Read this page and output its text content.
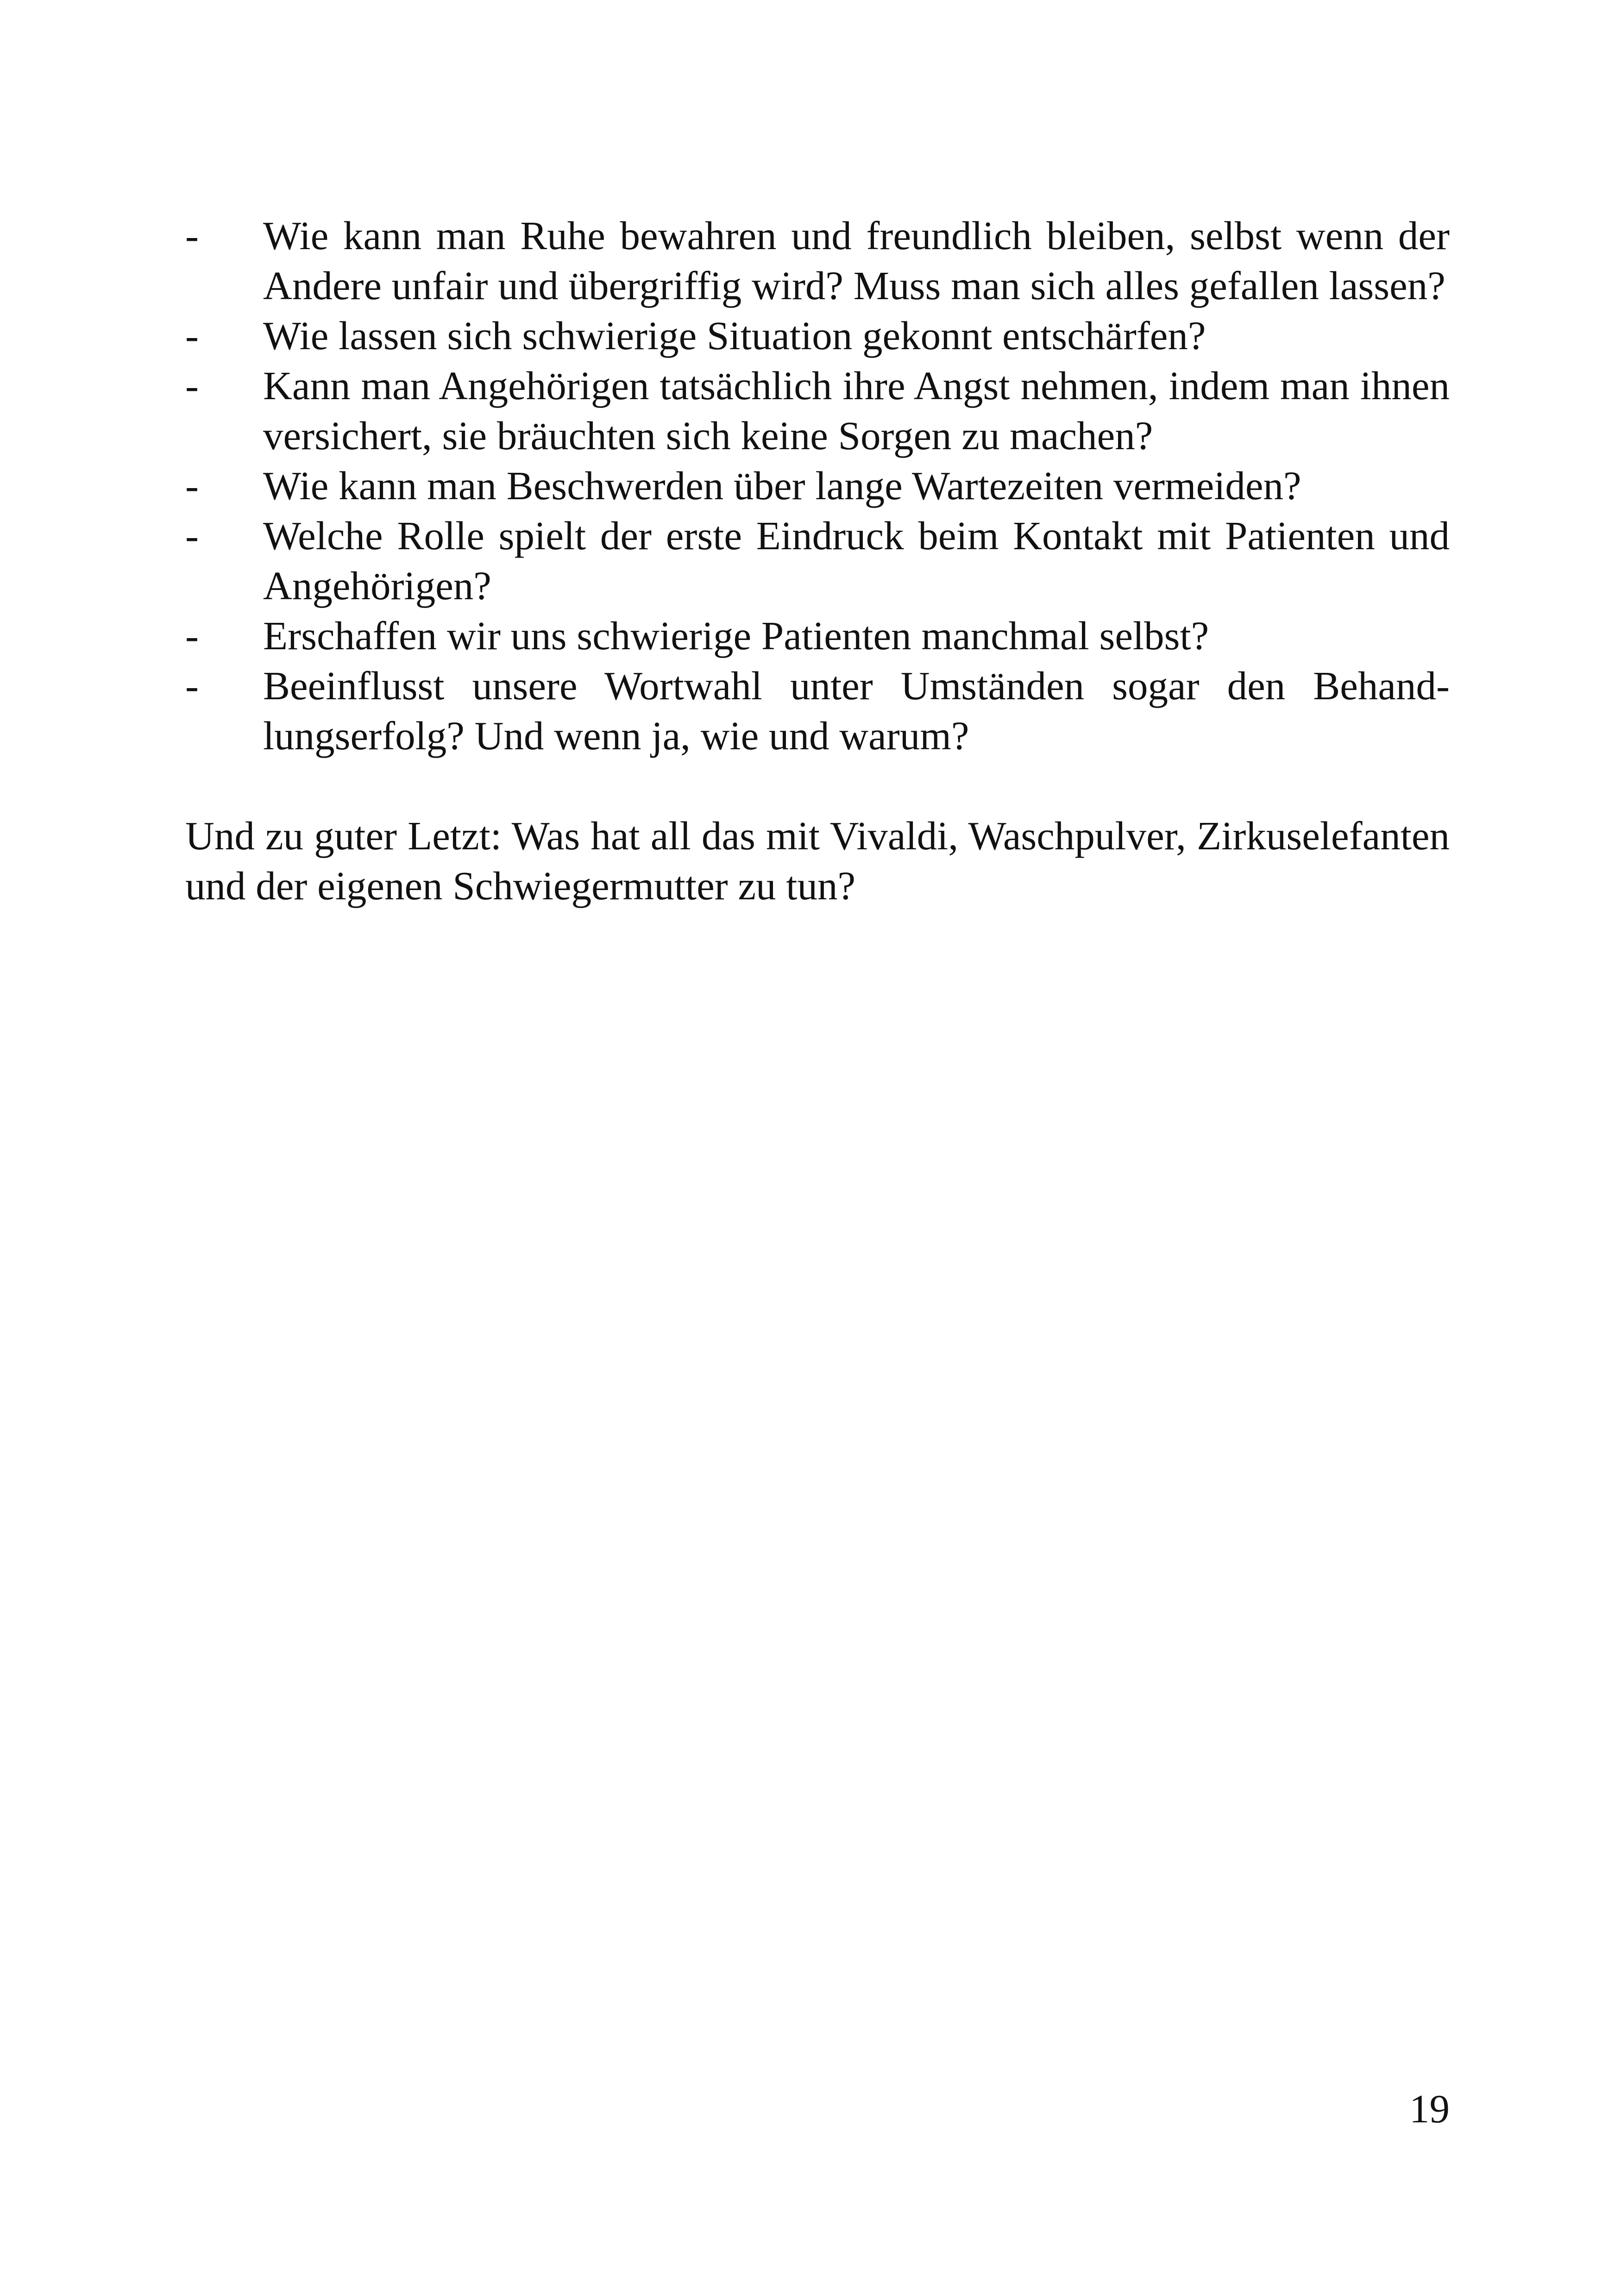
- Wie kann man Ruhe bewahren und freundlich bleiben, selbst wenn der Andere unfair und übergriffig wird? Muss man sich alles gefallen lassen?
- Wie lassen sich schwierige Situation gekonnt entschärfen?
- Kann man Angehörigen tatsächlich ihre Angst nehmen, indem man ihnen versichert, sie bräuchten sich keine Sorgen zu machen?
- Wie kann man Beschwerden über lange Wartezeiten vermeiden?
- Welche Rolle spielt der erste Eindruck beim Kontakt mit Patienten und Angehörigen?
- Erschaffen wir uns schwierige Patienten manchmal selbst?
- Beeinflusst unsere Wortwahl unter Umständen sogar den Behandlungserfolg? Und wenn ja, wie und warum?

Und zu guter Letzt: Was hat all das mit Vivaldi, Waschpulver, Zirkuselefanten und der eigenen Schwiegermutter zu tun?

19
